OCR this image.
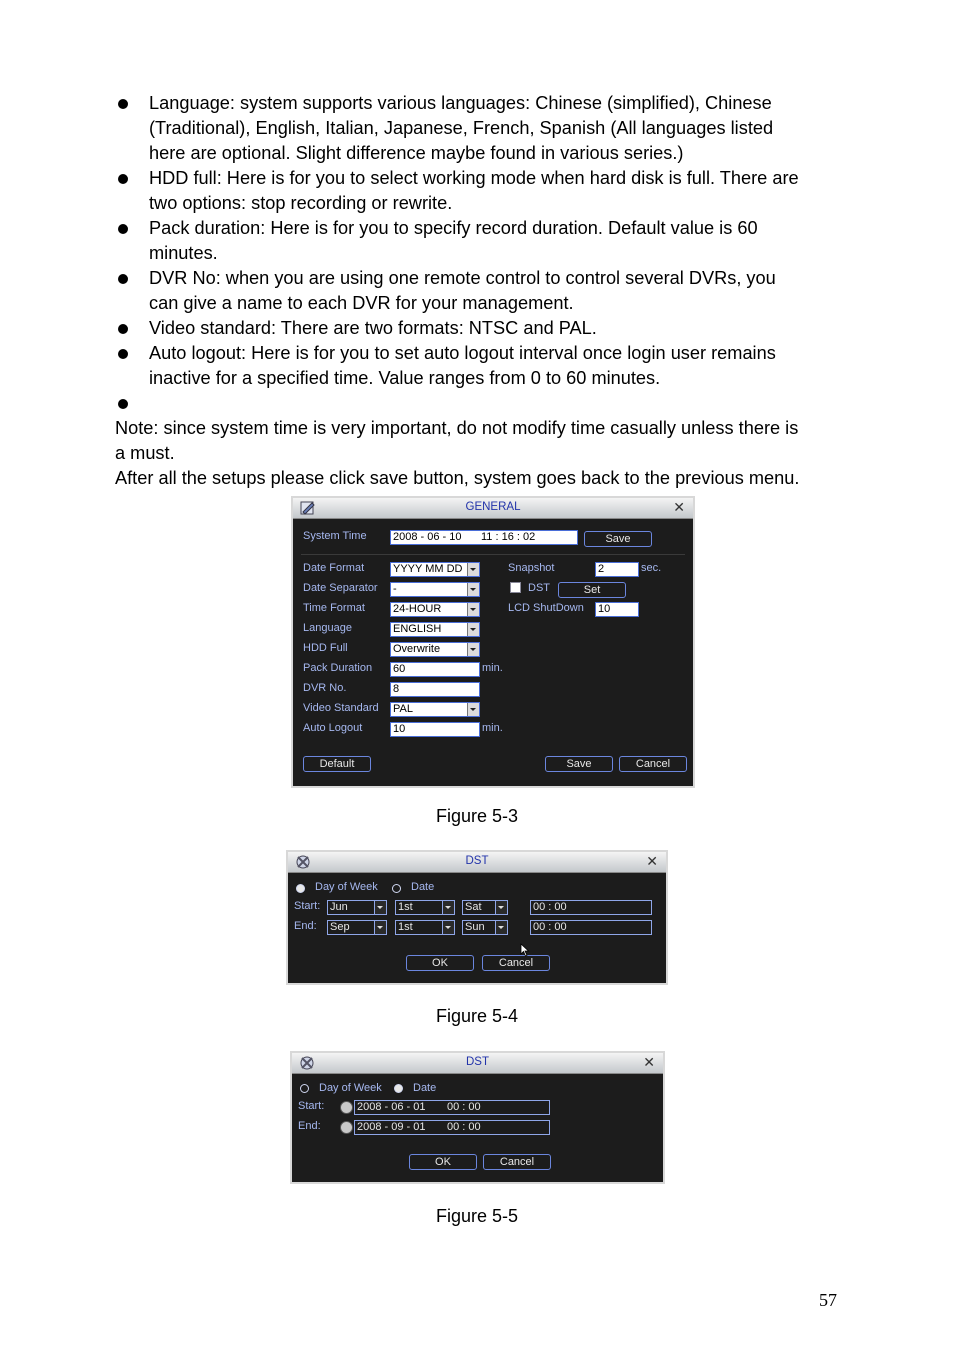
Language: system supports various languages: Chinese (simplified), Chinese
(Traditional), English, Italian, Japanese, French, Spanish (All languages listed
here are optional. Slight difference maybe found in various series.)
HDD full: Here is for you to select working mode when hard disk is full. There are
two options: stop recording or rewrite.
Pack duration: Here is for you to specify record duration. Default value is 60
minutes.
DVR No: when you are using one remote control to control several DVRs, you
can give a name to each DVR for your management.
Video standard: There are two formats: NTSC and PAL.
Auto logout: Here is for you to set auto logout interval once login user remains
inactive for a specified time. Value ranges from 0 to 60 minutes.
Note: since system time is very important, do not modify time casually unless there is
a must.
After all the setups please click save button, system goes back to the previous menu.
GENERAL	✕
System Time 2008 - 06 - 10 11 : 16 : 02	Save
Date Format	YYYY MM DD
Date Separator -
Time Format	24-HOUR
Language	ENGLISH
HDD Full	Overwrite
Pack Duration 60	min.
DVR No.	8
Video Standard PAL
Auto Logout	10	min.
Snapshot	2	sec.
DST	Set
LCD ShutDown 10
Default	Save	Cancel
Figure 5-3
DST	✕
Day of Week	Date
Start: Jun	1st	Sat	00 : 00
End: Sep	1st	Sun	00 : 00
OK	Cancel
Figure 5-4
DST	✕
Day of Week	Date
Start:	2008 - 06 - 01 00 : 00
End:	2008 - 09 - 01 00 : 00
OK	Cancel
Figure 5-5
57
